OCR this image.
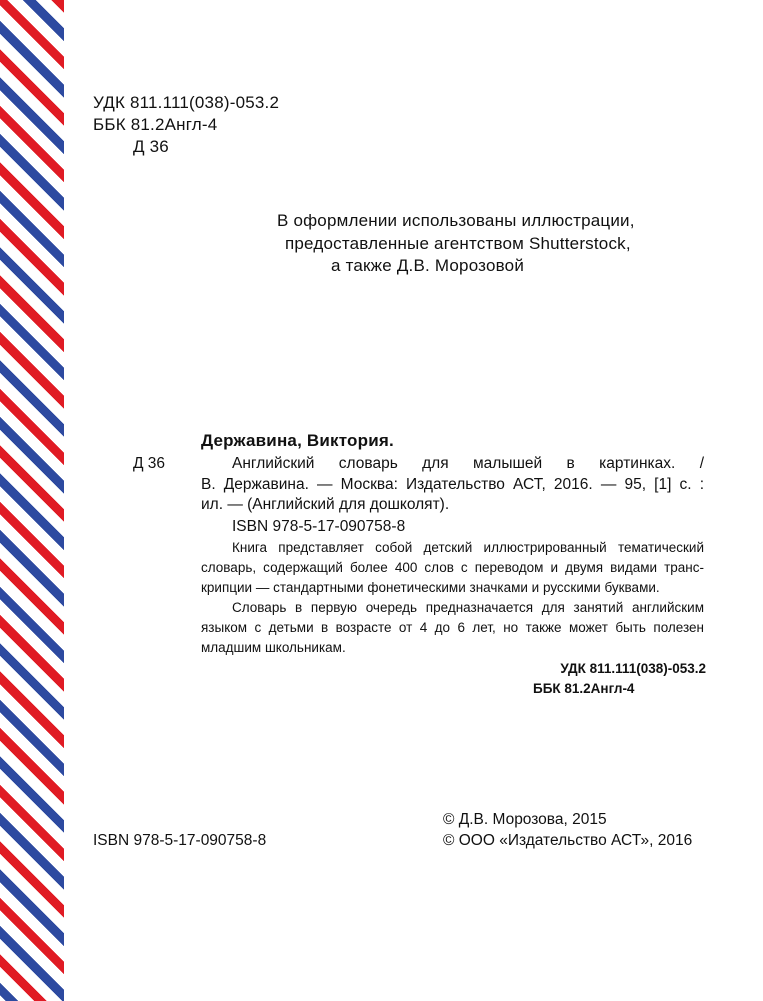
УДК 811.111(038)-053.2
ББК 81.2Англ-4
Д 36
В оформлении использованы иллюстрации,
предоставленные агентством Shutterstock,
а также Д.В. Морозовой
Державина, Виктория.
Д 36	Английский словарь для малышей в картинках. /
В. Державина. — Москва: Издательство АСТ, 2016. — 95, [1] с. :
ил. — (Английский для дошколят).
ISBN 978-5-17-090758-8
Книга представляет собой детский иллюстрированный тематический
словарь, содержащий более 400 слов с переводом и двумя видами транс-
крипции — стандартными фонетическими значками и русскими буквами.
Словарь в первую очередь предназначается для занятий английским
языком с детьми в возрасте от 4 до 6 лет, но также может быть полезен
младшим школьникам.
УДК 811.111(038)-053.2
ББК 81.2Англ-4
ISBN 978-5-17-090758-8
© Д.В. Морозова, 2015
© ООО «Издательство АСТ», 2016
